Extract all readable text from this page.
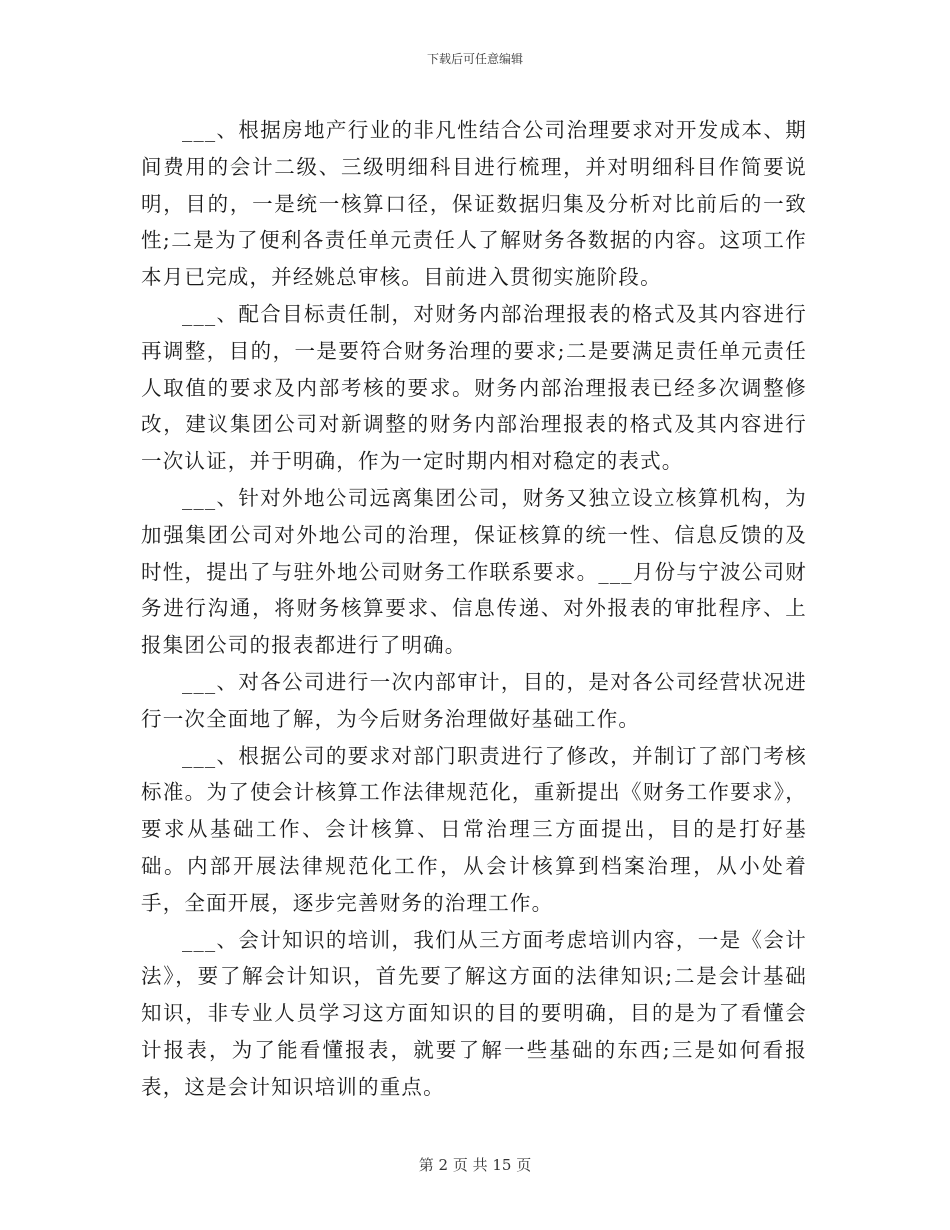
下载后可任意编辑

___、根据房地产行业的非凡性结合公司治理要求对开发成本、期间费用的会计二级、三级明细科目进行梳理，并对明细科目作简要说明，目的，一是统一核算口径，保证数据归集及分析对比前后的一致性;二是为了便利各责任单元责任人了解财务各数据的内容。这项工作本月已完成，并经姚总审核。目前进入贯彻实施阶段。

___、配合目标责任制，对财务内部治理报表的格式及其内容进行再调整，目的，一是要符合财务治理的要求;二是要满足责任单元责任人取值的要求及内部考核的要求。财务内部治理报表已经多次调整修改，建议集团公司对新调整的财务内部治理报表的格式及其内容进行一次认证，并于明确，作为一定时期内相对稳定的表式。

___、针对外地公司远离集团公司，财务又独立设立核算机构，为加强集团公司对外地公司的治理，保证核算的统一性、信息反馈的及时性，提出了与驻外地公司财务工作联系要求。___月份与宁波公司财务进行沟通，将财务核算要求、信息传递、对外报表的审批程序、上报集团公司的报表都进行了明确。

___、对各公司进行一次内部审计，目的，是对各公司经营状况进行一次全面地了解，为今后财务治理做好基础工作。

___、根据公司的要求对部门职责进行了修改，并制订了部门考核标准。为了使会计核算工作法律规范化，重新提出《财务工作要求》，要求从基础工作、会计核算、日常治理三方面提出，目的是打好基础。内部开展法律规范化工作，从会计核算到档案治理，从小处着手，全面开展，逐步完善财务的治理工作。

___、会计知识的培训，我们从三方面考虑培训内容，一是《会计法》，要了解会计知识，首先要了解这方面的法律知识;二是会计基础知识，非专业人员学习这方面知识的目的要明确，目的是为了看懂会计报表，为了能看懂报表，就要了解一些基础的东西;三是如何看报表，这是会计知识培训的重点。

第 2 页 共 15 页
